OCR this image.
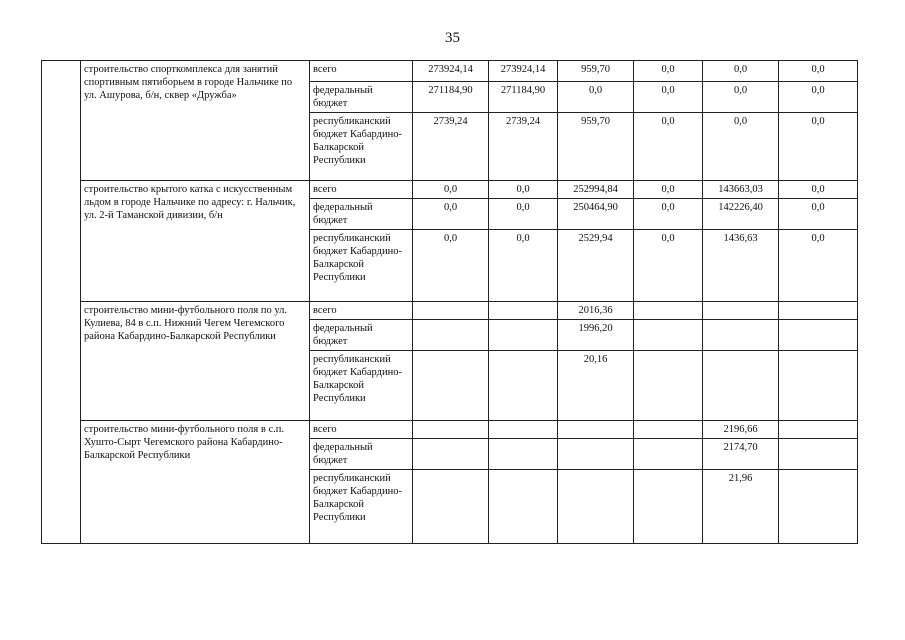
35
	строительство спорткомплекса для занятий спортивным пятиборьем в городе Нальчике по ул. Ашурова, б/н, сквер «Дружба»	всего	273924,14	273924,14	959,70	0,0	0,0	0,0
		федеральный бюджет	271184,90	271184,90	0,0	0,0	0,0	0,0
		республиканский бюджет Кабардино-Балкарской Республики	2739,24	2739,24	959,70	0,0	0,0	0,0
	строительство крытого катка с искусственным льдом в городе Нальчике по адресу: г. Нальчик, ул. 2-й Таманской дивизии, б/н	всего	0,0	0,0	252994,84	0,0	143663,03	0,0
		федеральный бюджет	0,0	0,0	250464,90	0,0	142226,40	0,0
		республиканский бюджет Кабардино-Балкарской Республики	0,0	0,0	2529,94	0,0	1436,63	0,0
	строительство мини-футбольного поля по ул. Кулиева, 84 в с.п. Нижний Чегем Чегемского района Кабардино-Балкарской Республики	всего			2016,36			
		федеральный бюджет			1996,20			
		республиканский бюджет Кабардино-Балкарской Республики			20,16			
	строительство мини-футбольного поля в с.п. Хушто-Сырт Чегемского района Кабардино-Балкарской Республики	всего					2196,66	
		федеральный бюджет					2174,70	
		республиканский бюджет Кабардино-Балкарской Республики					21,96	
